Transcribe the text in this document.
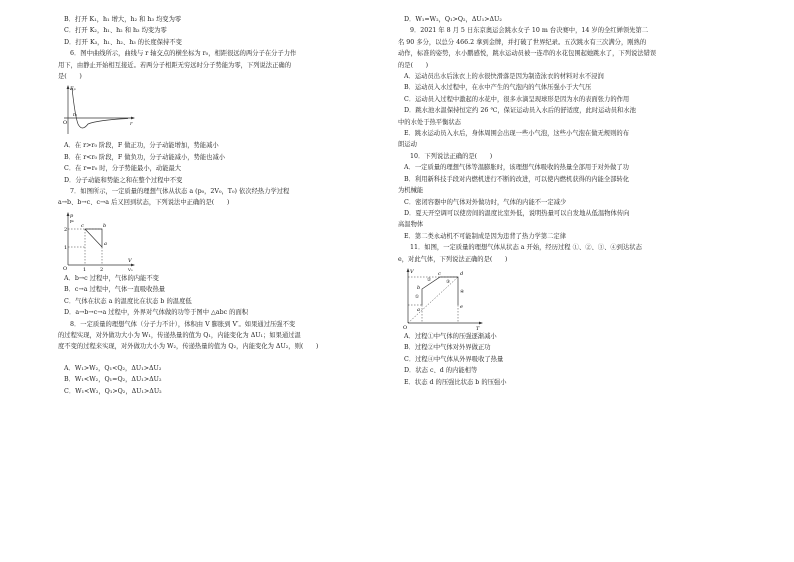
B．打开 K₁，h₁ 增大，h₂ 和 h₃ 均变为零
C．打开 K₂，h₁、h₂ 和 h₃ 均变为零
D．打开 K₃，h₁、h₂、h₃ 的长度保持不变
6．图中曲线所示，曲线与 r 轴交点的横坐标为 r₀，相距很远的两分子在分子力作
用下，由静止开始相互接近。若两分子相距无穷远时分子势能为零，下列说法正确的
是(　　)
Eₚ
r
O
r₀
A．在 r>r₀ 阶段，F 做正功，分子动能增加，势能减小
B．在 r<r₀ 阶段，F 做负功，分子动能减小，势能也减小
C．在 r=r₀ 时，分子势能最小，动能最大
D．分子动能和势能之和在整个过程中不变
7．如图所示，一定质量的理想气体从状态 a (p₀，2V₀，T₀) 依次经热力学过程
a→b、b→c、c→a 后又回到状态，下列说法中正确的是(　　)
p
p₀
2
1
1	2
V
V₀
O
a
b
c
A．b→c 过程中，气体的内能不变
B．c→a 过程中，气体一直吸收热量
C．气体在状态 a 的温度比在状态 b 的温度低
D．a→b→c→a 过程中，外界对气体做的功等于图中 △abc 的面积
8．一定质量的理想气体（分子力不计），体积由 V 膨胀到 V′。如果通过压强不变
的过程实现，对外做功大小为 W₁，传递热量的值为 Q₁，内能变化为 ΔU₁；如果通过温
度不变的过程来实现，对外做功大小为 W₂，传递热量的值为 Q₂，内能变化为 ΔU₂，则(　　)
A．W₁>W₂，Q₁<Q₂，ΔU₁>ΔU₂
B．W₁<W₂，Q₁=Q₂，ΔU₁>ΔU₂
C．W₁<W₂，Q₁>Q₂，ΔU₁>ΔU₂
D．W₁=W₂，Q₁>Q₂，ΔU₁>ΔU₂
9．2021 年 8 月 5 日东京奥运会跳水女子 10 m 台决赛中，14 岁的全红婵领先第二
名 90 多分，以总分 466.2 拿到金牌，并打破了世界纪录。五次跳水有三次满分，刚熟的
动作，标准的姿势，水小鹏感悦，跳水运动员被一连串的水花包围起她跳水了，下列说法错误
的是(　　)
A．运动员出水后泳衣上的水很快滑落是因为制造泳衣的材料对水不浸润
B．运动员入水过程中，在水中产生的气泡内的气体压强小于大气压
C．运动员入过程中激起的水花中，很多水滴呈现球形是因为水的表面张力的作用
D．跳水池水温保持恒定约 26 ℃，保证运动员入水后的舒适度，此时运动员和水池
中的水处于热平衡状态
E．跳水运动员入水后，身体周围会出现一些小气泡，这些小气泡在做无规则的布
朗运动
10．下列说法正确的是(　　)
A．一定质量的理想气体等温膨胀时，该理想气体吸收的热量全部用于对外做了功
B．利用新科技手段对内燃机进行不断的改进，可以使内燃机获得的内能全部转化
为机械能
C．密闭容器中的气体对外做功时，气体的内能不一定减少
D．夏天开空调可以使房间的温度比室外低，说明热量可以自发地从低温物体传向
高温物体
E．第二类永动机不可能制成是因为违背了热力学第二定律
11．如图，一定质量的理想气体从状态 a 开始，经历过程 ①、②、③、④到达状态
e，对此气体，下列说法正确的是(　　)
V
T
O
a
b
c	d
e
①
②	③
④
A．过程①中气体的压强逐渐减小
B．过程②中气体对外界做正功
C．过程④中气体从外界吸收了热量
D．状态 c、d 的内能相等
E．状态 d 的压强比状态 b 的压强小
